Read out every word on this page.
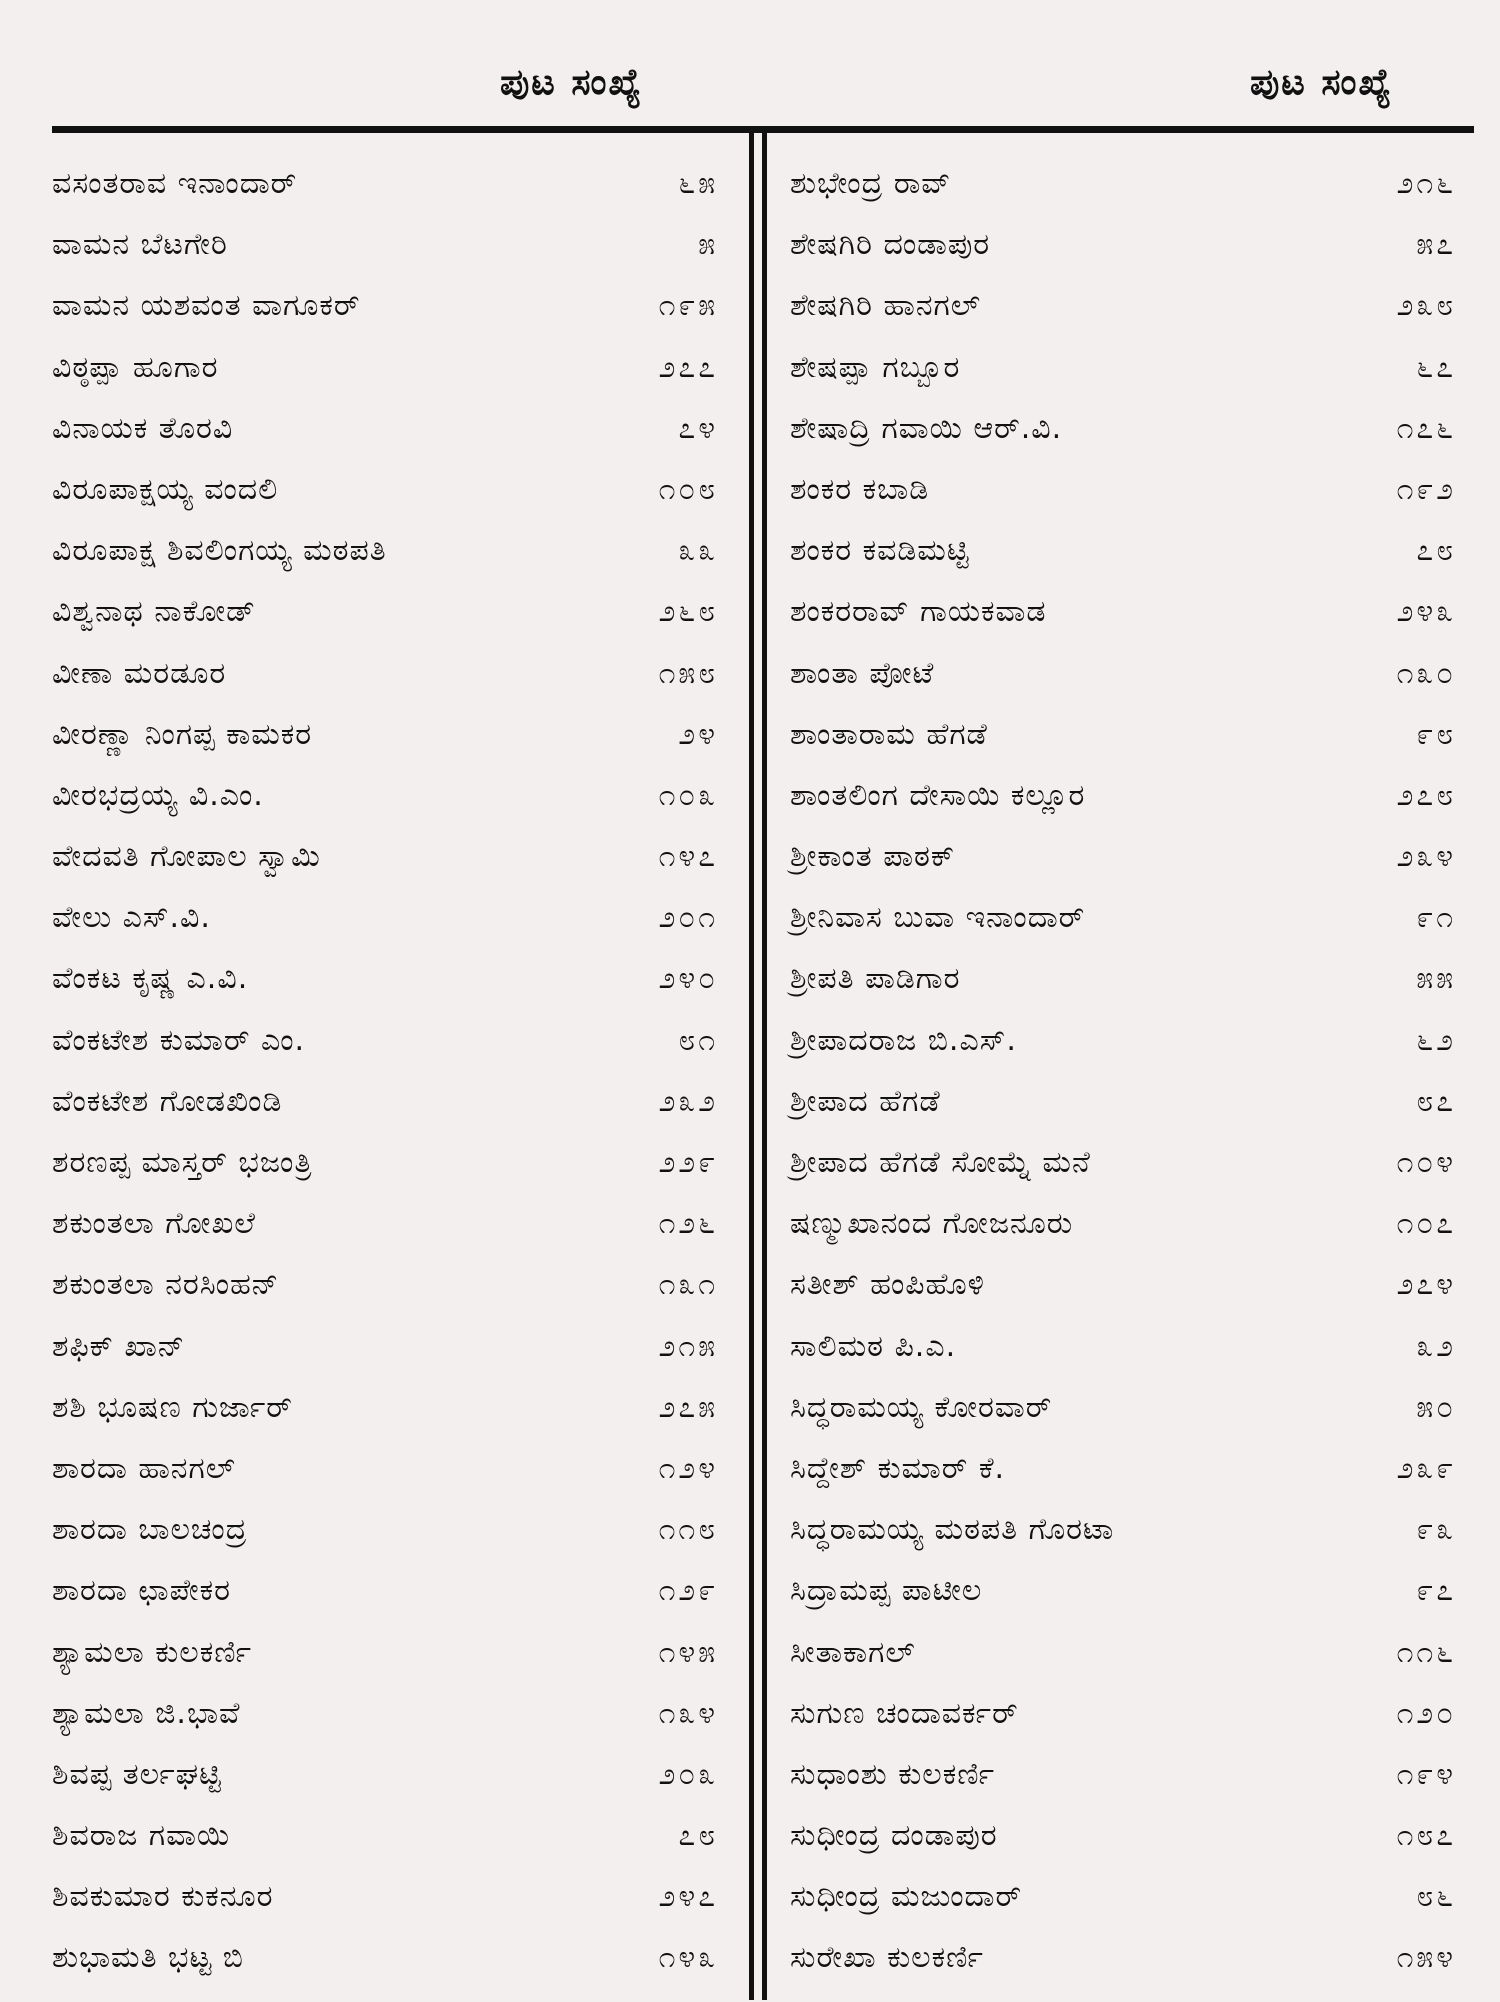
ಪುಟ ಸಂಖ್ಯೆ	ಪುಟ ಸಂಖ್ಯೆ
ವಸಂತರಾವ ಇನಾಂದಾರ್	೬೫
ವಾಮನ ಬೆಟಗೇರಿ	೫
ವಾಮನ ಯಶವಂತ ವಾಗೂಕರ್	೧೯೫
ವಿಠ್ಠಪ್ಪಾ ಹೂಗಾರ	೨೭೭
ವಿನಾಯಕ ತೊರವಿ	೭೪
ವಿರೂಪಾಕ್ಷಯ್ಯ ವಂದಲಿ	೧೦೮
ವಿರೂಪಾಕ್ಷ ಶಿವಲಿಂಗಯ್ಯ ಮಠಪತಿ	೩೩
ವಿಶ್ವನಾಥ ನಾಕೋಡ್	೨೬೮
ವೀಣಾ ಮರಡೂರ	೧೫೮
ವೀರಣ್ಣಾ ನಿಂಗಪ್ಪ ಕಾಮಕರ	೨೪
ವೀರಭದ್ರಯ್ಯ ವಿ.ಎಂ.	೧೦೩
ವೇದವತಿ ಗೋಪಾಲ ಸ್ವಾಮಿ	೧೪೭
ವೇಲು ಎಸ್.ವಿ.	೨೦೧
ವೆಂಕಟ ಕೃಷ್ಣ ಎ.ವಿ.	೨೪೦
ವೆಂಕಟೇಶ ಕುಮಾರ್ ಎಂ.	೮೧
ವೆಂಕಟೇಶ ಗೋಡಖಿಂಡಿ	೨೩೨
ಶರಣಪ್ಪ ಮಾಸ್ತರ್ ಭಜಂತ್ರಿ	೨೨೯
ಶಕುಂತಲಾ ಗೋಖಲೆ	೧೨೬
ಶಕುಂತಲಾ ನರಸಿಂಹನ್	೧೩೧
ಶಫಿಕ್ ಖಾನ್	೨೧೫
ಶಶಿ ಭೂಷಣ ಗುರ್ಜಾರ್	೨೭೫
ಶಾರದಾ ಹಾನಗಲ್	೧೨೪
ಶಾರದಾ ಬಾಲಚಂದ್ರ	೧೧೮
ಶಾರದಾ ಛಾಪೇಕರ	೧೨೯
ಶ್ಯಾಮಲಾ ಕುಲಕರ್ಣಿ	೧೪೫
ಶ್ಯಾಮಲಾ ಜಿ.ಭಾವೆ	೧೩೪
ಶಿವಪ್ಪ ತರ್ಲಘಟ್ಟಿ	೨೦೩
ಶಿವರಾಜ ಗವಾಯಿ	೭೮
ಶಿವಕುಮಾರ ಕುಕನೂರ	೨೪೭
ಶುಭಾಮತಿ ಭಟ್ಟ ಬಿ	೧೪೩
ಶುಭೇಂದ್ರ ರಾವ್	೨೧೬
ಶೇಷಗಿರಿ ದಂಡಾಪುರ	೫೭
ಶೇಷಗಿರಿ ಹಾನಗಲ್	೨೩೮
ಶೇಷಪ್ಪಾ ಗಬ್ಬೂರ	೬೭
ಶೇಷಾದ್ರಿ ಗವಾಯಿ ಆರ್.ವಿ.	೧೭೬
ಶಂಕರ ಕಬಾಡಿ	೧೯೨
ಶಂಕರ ಕವಡಿಮಟ್ಟಿ	೭೮
ಶಂಕರರಾವ್ ಗಾಯಕವಾಡ	೨೪೩
ಶಾಂತಾ ಪೋಟೆ	೧೩೦
ಶಾಂತಾರಾಮ ಹೆಗಡೆ	೯೮
ಶಾಂತಲಿಂಗ ದೇಸಾಯಿ ಕಲ್ಲೂರ	೨೭೮
ಶ್ರೀಕಾಂತ ಪಾಠಕ್	೨೩೪
ಶ್ರೀನಿವಾಸ ಬುವಾ ಇನಾಂದಾರ್	೯೧
ಶ್ರೀಪತಿ ಪಾಡಿಗಾರ	೫೫
ಶ್ರೀಪಾದರಾಜ ಬಿ.ಎಸ್.	೬೨
ಶ್ರೀಪಾದ ಹೆಗಡೆ	೮೭
ಶ್ರೀಪಾದ ಹೆಗಡೆ ಸೋಮ್ನೆ ಮನೆ	೧೦೪
ಷಣ್ಮುಖಾನಂದ ಗೋಜನೂರು	೧೦೭
ಸತೀಶ್ ಹಂಪಿಹೊಳಿ	೨೭೪
ಸಾಲಿಮಠ ಪಿ.ಎ.	೩೨
ಸಿದ್ಧರಾಮಯ್ಯ ಕೋರವಾರ್	೫೦
ಸಿದ್ದೇಶ್ ಕುಮಾರ್ ಕೆ.	೨೩೯
ಸಿದ್ಧರಾಮಯ್ಯ ಮಠಪತಿ ಗೊರಟಾ	೯೩
ಸಿದ್ರಾಮಪ್ಪ ಪಾಟೀಲ	೯೭
ಸೀತಾಕಾಗಲ್	೧೧೬
ಸುಗುಣ ಚಂದಾವರ್ಕರ್	೧೨೦
ಸುಧಾಂಶು ಕುಲಕರ್ಣಿ	೧೯೪
ಸುಧೀಂದ್ರ ದಂಡಾಪುರ	೧೮೭
ಸುಧೀಂದ್ರ ಮಜುಂದಾರ್	೮೬
ಸುರೇಖಾ ಕುಲಕರ್ಣಿ	೧೫೪
